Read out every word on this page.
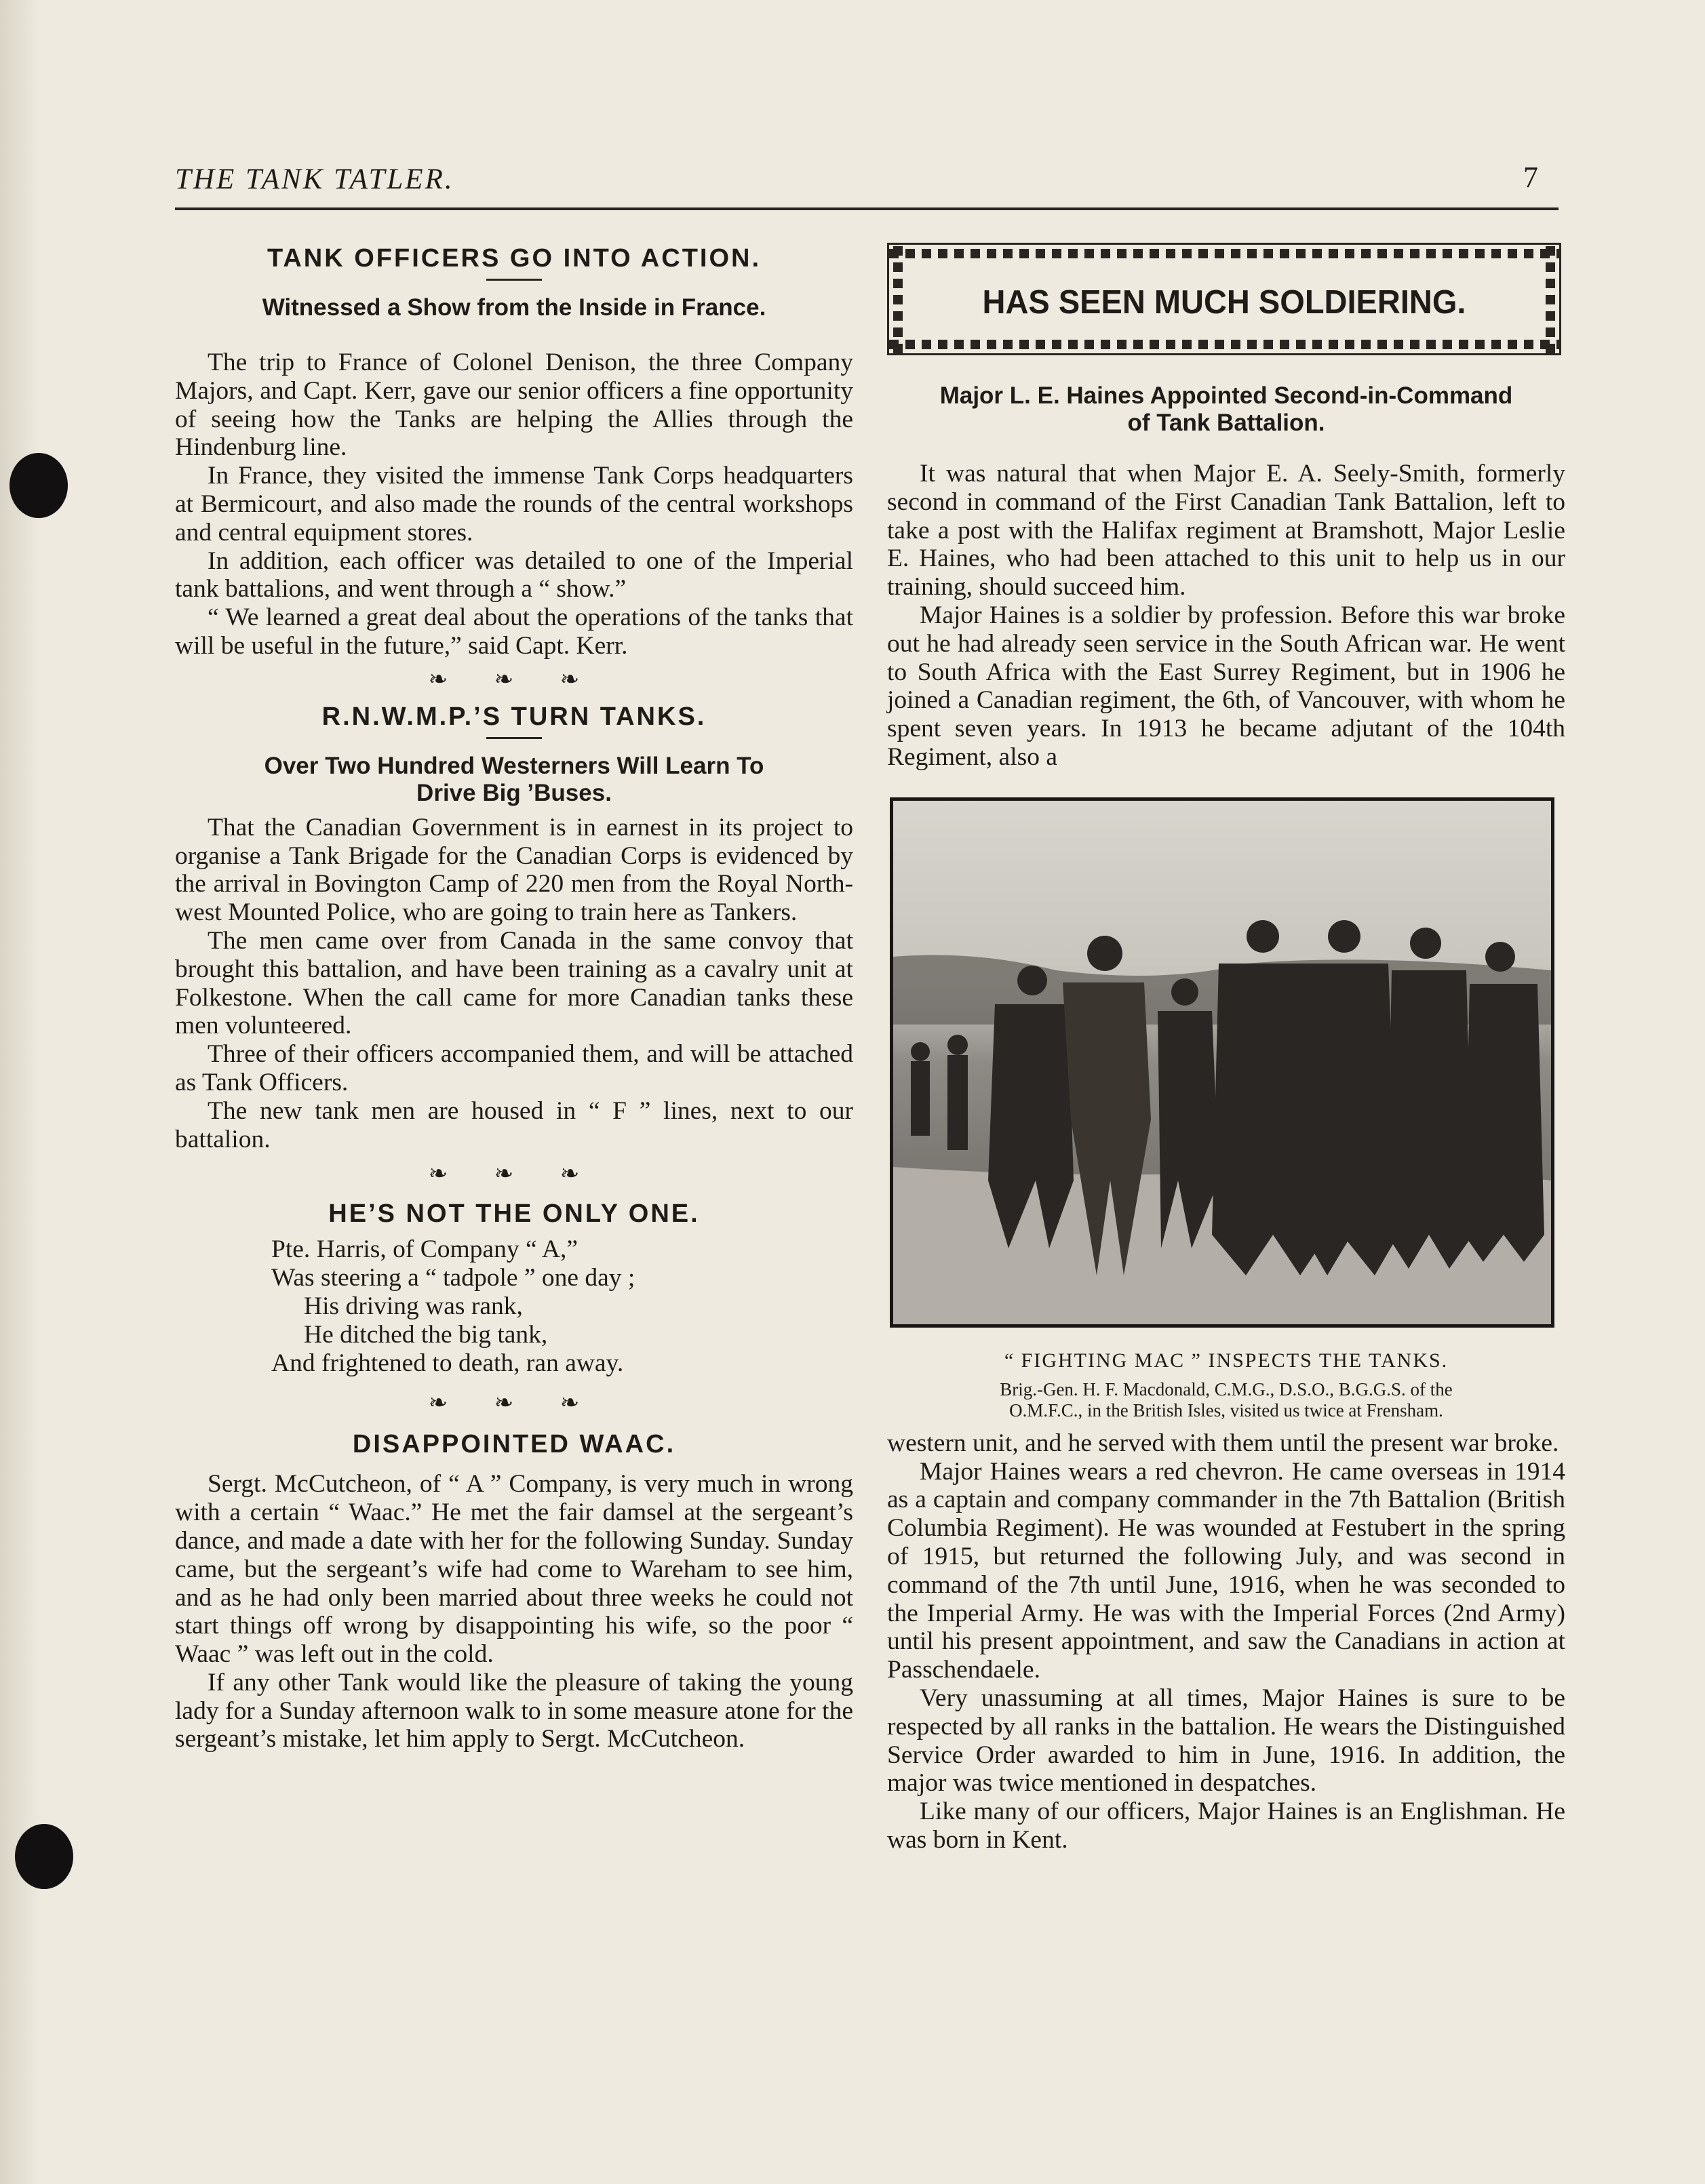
THE TANK TATLER.	7
TANK OFFICERS GO INTO ACTION.
Witnessed a Show from the Inside in France.

The trip to France of Colonel Denison, the three Company Majors, and Capt. Kerr, gave our senior officers a fine opportunity of seeing how the Tanks are helping the Allies through the Hindenburg line.

In France, they visited the immense Tank Corps headquarters at Bermicourt, and also made the rounds of the central workshops and central equipment stores.

In addition, each officer was detailed to one of the Imperial tank battalions, and went through a “ show.”

“ We learned a great deal about the operations of the tanks that will be useful in the future,” said Capt. Kerr.

❧ ❧ ❧

R.N.W.M.P.’S TURN TANKS.
Over Two Hundred Westerners Will Learn To
Drive Big ’Buses.

That the Canadian Government is in earnest in its project to organise a Tank Brigade for the Canadian Corps is evidenced by the arrival in Bovington Camp of 220 men from the Royal North-west Mounted Police, who are going to train here as Tankers.

The men came over from Canada in the same convoy that brought this battalion, and have been training as a cavalry unit at Folkestone. When the call came for more Canadian tanks these men volunteered.

Three of their officers accompanied them, and will be attached as Tank Officers.

The new tank men are housed in “ F ” lines, next to our battalion.

❧ ❧ ❧

HE’S NOT THE ONLY ONE.
Pte. Harris, of Company “ A,”
Was steering a “ tadpole ” one day ;
His driving was rank,
He ditched the big tank,
And frightened to death, ran away.

❧ ❧ ❧

DISAPPOINTED WAAC.

Sergt. McCutcheon, of “ A ” Company, is very much in wrong with a certain “ Waac.” He met the fair damsel at the sergeant’s dance, and made a date with her for the following Sunday. Sunday came, but the sergeant’s wife had come to Wareham to see him, and as he had only been married about three weeks he could not start things off wrong by disappointing his wife, so the poor “ Waac ” was left out in the cold.

If any other Tank would like the pleasure of taking the young lady for a Sunday afternoon walk to in some measure atone for the sergeant’s mistake, let him apply to Sergt. McCutcheon.

HAS SEEN MUCH SOLDIERING.
Major L. E. Haines Appointed Second-in-Command
of Tank Battalion.

It was natural that when Major E. A. Seely-Smith, formerly second in command of the First Canadian Tank Battalion, left to take a post with the Halifax regiment at Bramshott, Major Leslie E. Haines, who had been attached to this unit to help us in our training, should succeed him.

Major Haines is a soldier by profession. Before this war broke out he had already seen service in the South African war. He went to South Africa with the East Surrey Regiment, but in 1906 he joined a Canadian regiment, the 6th, of Vancouver, with whom he spent seven years. In 1913 he became adjutant of the 104th Regiment, also a

“ FIGHTING MAC ” INSPECTS THE TANKS.

Brig.-Gen. H. F. Macdonald, C.M.G., D.S.O., B.G.G.S. of the

O.M.F.C., in the British Isles, visited us twice at Frensham.

western unit, and he served with them until the present war broke.

Major Haines wears a red chevron. He came overseas in 1914 as a captain and company commander in the 7th Battalion (British Columbia Regiment). He was wounded at Festubert in the spring of 1915, but returned the following July, and was second in command of the 7th until June, 1916, when he was seconded to the Imperial Army. He was with the Imperial Forces (2nd Army) until his present appointment, and saw the Canadians in action at Passchendaele.

Very unassuming at all times, Major Haines is sure to be respected by all ranks in the battalion. He wears the Distinguished Service Order awarded to him in June, 1916. In addition, the major was twice mentioned in despatches.

Like many of our officers, Major Haines is an Englishman. He was born in Kent.
